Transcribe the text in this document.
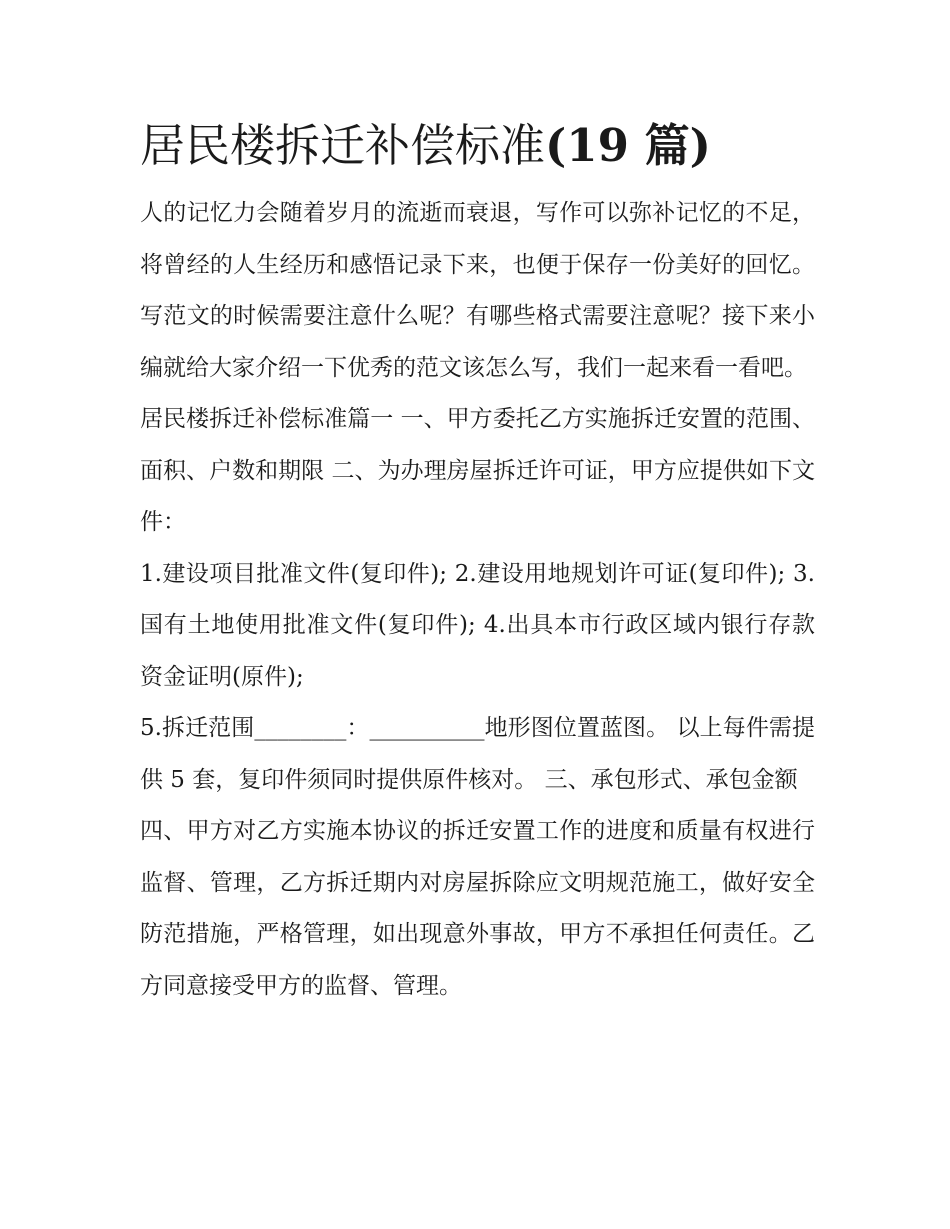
居民楼拆迁补偿标准(19 篇)

人的记忆力会随着岁月的流逝而衰退，写作可以弥补记忆的不足，将曾经的人生经历和感悟记录下来，也便于保存一份美好的回忆。写范文的时候需要注意什么呢？有哪些格式需要注意呢？接下来小编就给大家介绍一下优秀的范文该怎么写，我们一起来看一看吧。

居民楼拆迁补偿标准篇一 一、甲方委托乙方实施拆迁安置的范围、面积、户数和期限 二、为办理房屋拆迁许可证，甲方应提供如下文件：

1.建设项目批准文件(复印件); 2.建设用地规划许可证(复印件); 3.国有土地使用批准文件(复印件); 4.出具本市行政区域内银行存款资金证明(原件);

5.拆迁范围________：__________地形图位置蓝图。 以上每件需提供 5 套，复印件须同时提供原件核对。 三、承包形式、承包金额

四、甲方对乙方实施本协议的拆迁安置工作的进度和质量有权进行监督、管理，乙方拆迁期内对房屋拆除应文明规范施工，做好安全防范措施，严格管理，如出现意外事故，甲方不承担任何责任。乙方同意接受甲方的监督、管理。
